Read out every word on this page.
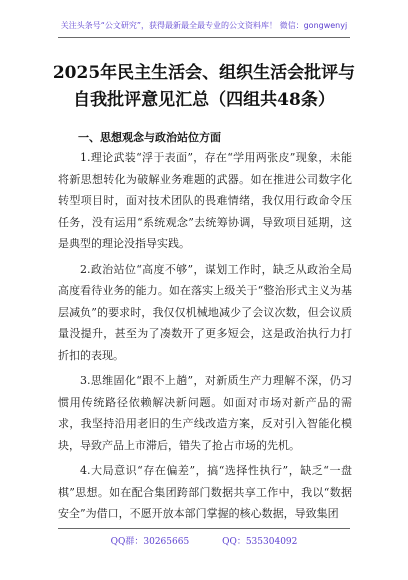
关注头条号“公文研究”，获得最新最全最专业的公文资料库！ 微信：gongwenyj
2025年民主生活会、组织生活会批评与自我批评意见汇总（四组共48条）
一、思想观念与政治站位方面

1.理论武装“浮于表面”，存在“学用两张皮”现象，未能将新思想转化为破解业务难题的武器。如在推进公司数字化转型项目时，面对技术团队的畏难情绪，我仅用行政命令压任务，没有运用“系统观念”去统筹协调，导致项目延期，这是典型的理论没指导实践。

2.政治站位“高度不够”，谋划工作时，缺乏从政治全局高度看待业务的能力。如在落实上级关于“整治形式主义为基层减负”的要求时，我仅仅机械地减少了会议次数，但会议质量没提升，甚至为了凑数开了更多短会，这是政治执行力打折扣的表现。

3.思维固化“跟不上趟”，对新质生产力理解不深，仍习惯用传统路径依赖解决新问题。如面对市场对新产品的需求，我坚持沿用老旧的生产线改造方案，反对引入智能化模块，导致产品上市滞后，错失了抢占市场的先机。

4.大局意识“存在偏差”，搞“选择性执行”，缺乏“一盘棋”思想。如在配合集团跨部门数据共享工作中，我以“数据安全”为借口，不愿开放本部门掌握的核心数据，导致集团

QQ群：30265665	QQ：535304092
